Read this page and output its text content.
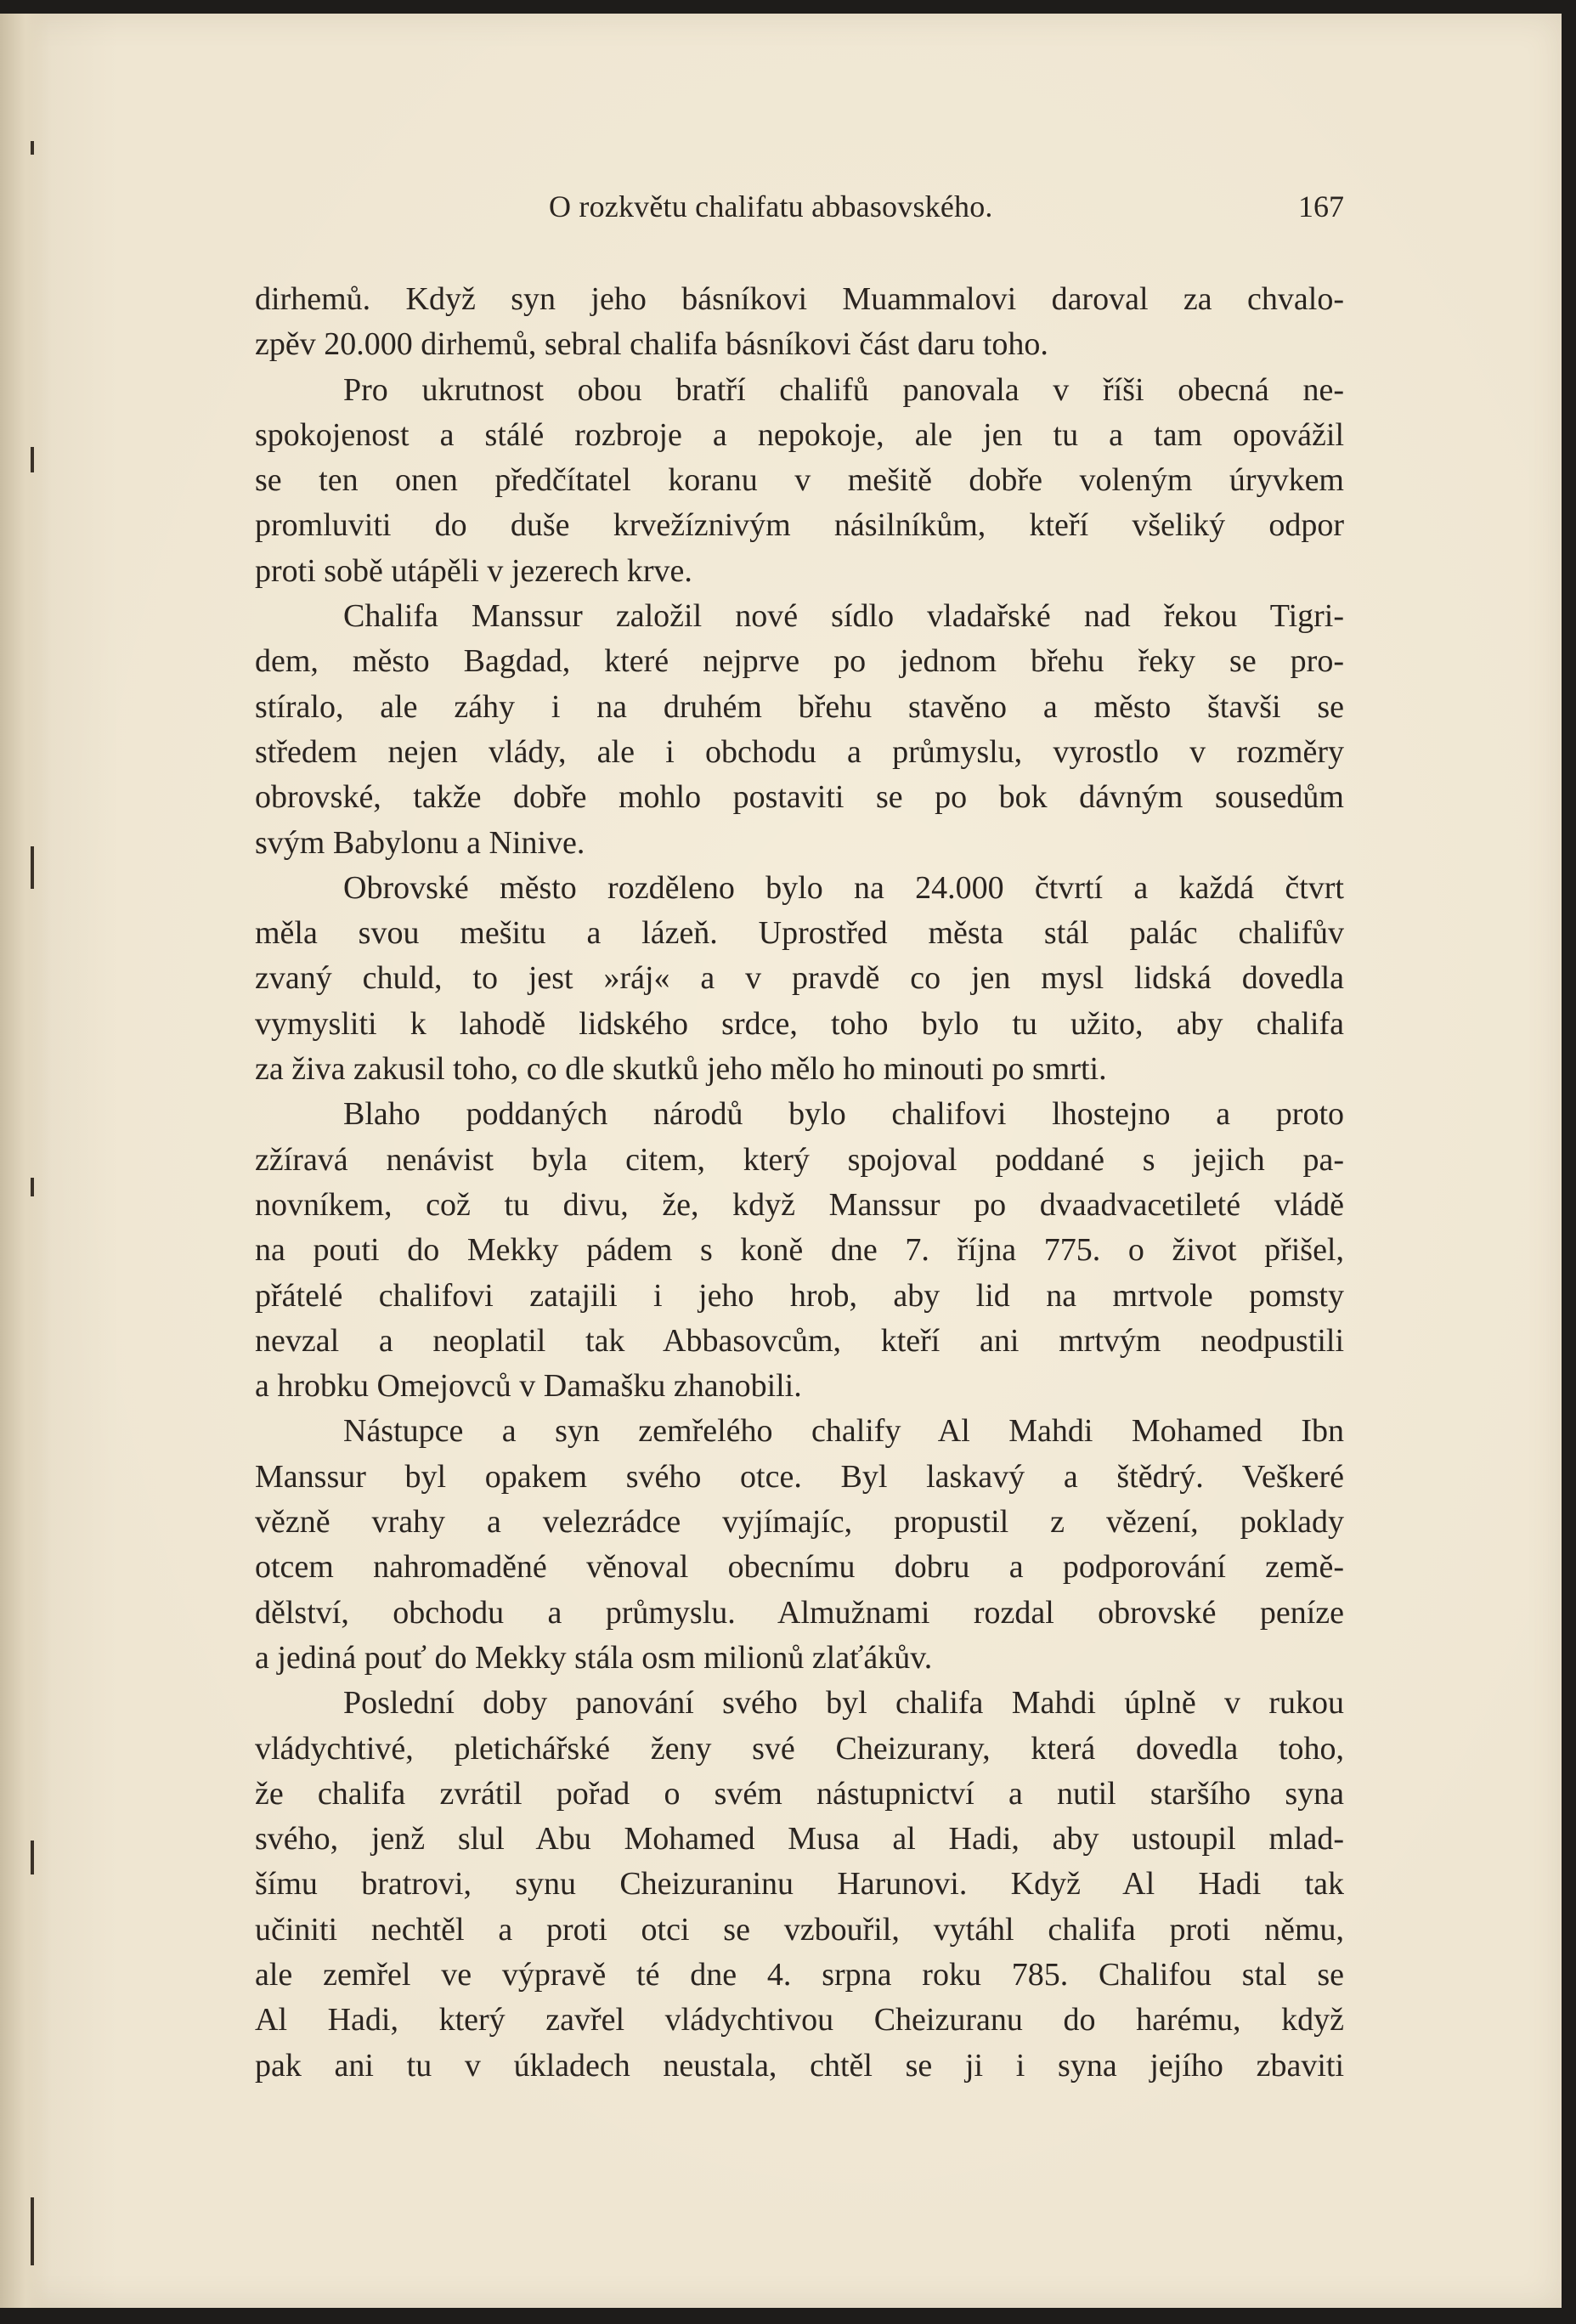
O rozkvětu chalifatu abbasovského.	167
dirhemů. Když syn jeho básníkovi Muammalovi daroval za chvalo-
zpěv 20.000 dirhemů, sebral chalifa básníkovi část daru toho.
Pro ukrutnost obou bratří chalifů panovala v říši obecná ne-
spokojenost a stálé rozbroje a nepokoje, ale jen tu a tam opovážil
se ten onen předčítatel koranu v mešitě dobře voleným úryvkem
promluviti do duše krvežíznivým násilníkům, kteří všeliký odpor
proti sobě utápěli v jezerech krve.
Chalifa Manssur založil nové sídlo vladařské nad řekou Tigri-
dem, město Bagdad, které nejprve po jednom břehu řeky se pro-
stíralo, ale záhy i na druhém břehu stavěno a město štavši se
středem nejen vlády, ale i obchodu a průmyslu, vyrostlo v rozměry
obrovské, takže dobře mohlo postaviti se po bok dávným sousedům
svým Babylonu a Ninive.
Obrovské město rozděleno bylo na 24.000 čtvrtí a každá čtvrt
měla svou mešitu a lázeň. Uprostřed města stál palác chalifův
zvaný chuld, to jest »ráj« a v pravdě co jen mysl lidská dovedla
vymysliti k lahodě lidského srdce, toho bylo tu užito, aby chalifa
za živa zakusil toho, co dle skutků jeho mělo ho minouti po smrti.
Blaho poddaných národů bylo chalifovi lhostejno a proto
zžíravá nenávist byla citem, který spojoval poddané s jejich pa-
novníkem, což tu divu, že, když Manssur po dvaadvacetileté vládě
na pouti do Mekky pádem s koně dne 7. října 775. o život přišel,
přátelé chalifovi zatajili i jeho hrob, aby lid na mrtvole pomsty
nevzal a neoplatil tak Abbasovcům, kteří ani mrtvým neodpustili
a hrobku Omejovců v Damašku zhanobili.
Nástupce a syn zemřelého chalify Al Mahdi Mohamed Ibn
Manssur byl opakem svého otce. Byl laskavý a štědrý. Veškeré
vězně vrahy a velezrádce vyjímajíc, propustil z vězení, poklady
otcem nahromaděné věnoval obecnímu dobru a podporování země-
dělství, obchodu a průmyslu. Almužnami rozdal obrovské peníze
a jediná pouť do Mekky stála osm milionů zlaťákův.
Poslední doby panování svého byl chalifa Mahdi úplně v rukou
vládychtivé, pletichářské ženy své Cheizurany, která dovedla toho,
že chalifa zvrátil pořad o svém nástupnictví a nutil staršího syna
svého, jenž slul Abu Mohamed Musa al Hadi, aby ustoupil mlad-
šímu bratrovi, synu Cheizuraninu Harunovi. Když Al Hadi tak
učiniti nechtěl a proti otci se vzbouřil, vytáhl chalifa proti němu,
ale zemřel ve výpravě té dne 4. srpna roku 785. Chalifou stal se
Al Hadi, který zavřel vládychtivou Cheizuranu do harému, když
pak ani tu v úkladech neustala, chtěl se ji i syna jejího zbaviti
